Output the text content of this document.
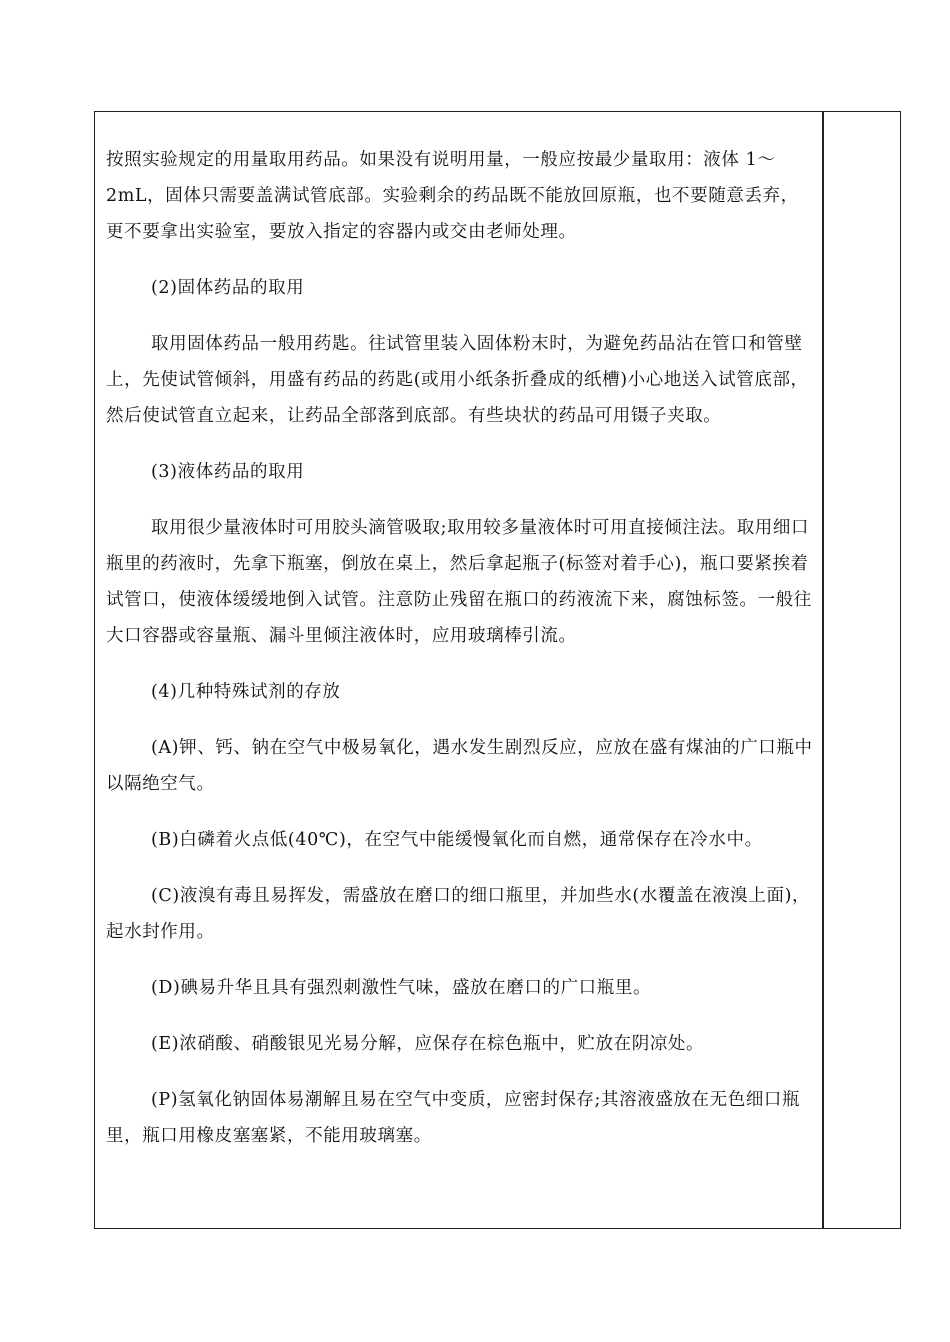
按照实验规定的用量取用药品。如果没有说明用量，一般应按最少量取用：液体 1～2mL，固体只需要盖满试管底部。实验剩余的药品既不能放回原瓶，也不要随意丢弃，更不要拿出实验室，要放入指定的容器内或交由老师处理。

(2)固体药品的取用

取用固体药品一般用药匙。往试管里装入固体粉末时，为避免药品沾在管口和管壁上，先使试管倾斜，用盛有药品的药匙(或用小纸条折叠成的纸槽)小心地送入试管底部，然后使试管直立起来，让药品全部落到底部。有些块状的药品可用镊子夹取。

(3)液体药品的取用

取用很少量液体时可用胶头滴管吸取;取用较多量液体时可用直接倾注法。取用细口瓶里的药液时，先拿下瓶塞，倒放在桌上，然后拿起瓶子(标签对着手心)，瓶口要紧挨着试管口，使液体缓缓地倒入试管。注意防止残留在瓶口的药液流下来，腐蚀标签。一般往大口容器或容量瓶、漏斗里倾注液体时，应用玻璃棒引流。

(4)几种特殊试剂的存放

(A)钾、钙、钠在空气中极易氧化，遇水发生剧烈反应，应放在盛有煤油的广口瓶中以隔绝空气。

(B)白磷着火点低(40℃)，在空气中能缓慢氧化而自燃，通常保存在冷水中。

(C)液溴有毒且易挥发，需盛放在磨口的细口瓶里，并加些水(水覆盖在液溴上面)，起水封作用。

(D)碘易升华且具有强烈刺激性气味，盛放在磨口的广口瓶里。

(E)浓硝酸、硝酸银见光易分解，应保存在棕色瓶中，贮放在阴凉处。

(P)氢氧化钠固体易潮解且易在空气中变质，应密封保存;其溶液盛放在无色细口瓶里，瓶口用橡皮塞塞紧，不能用玻璃塞。
